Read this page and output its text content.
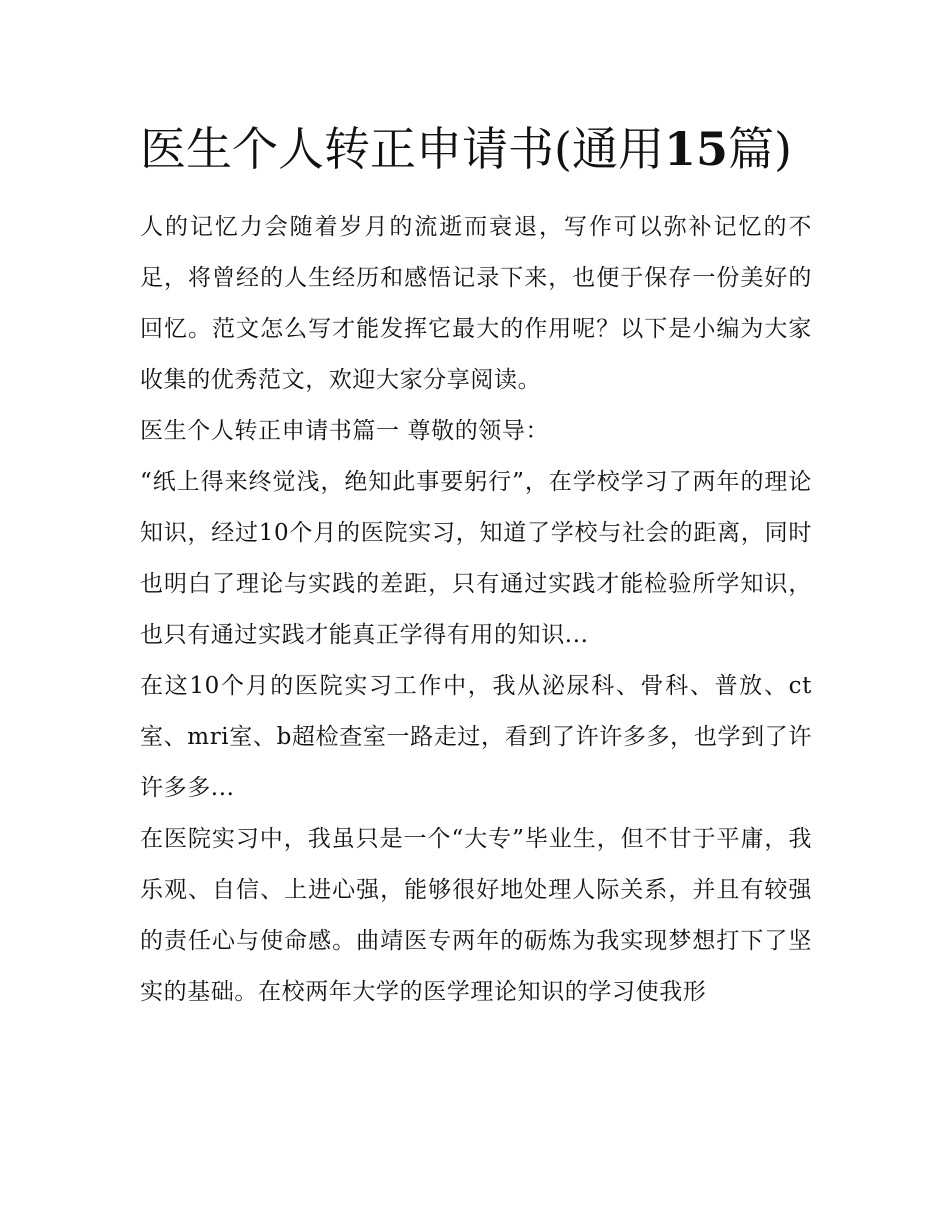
医生个人转正申请书(通用15篇)

人的记忆力会随着岁月的流逝而衰退，写作可以弥补记忆的不足，将曾经的人生经历和感悟记录下来，也便于保存一份美好的回忆。范文怎么写才能发挥它最大的作用呢？以下是小编为大家收集的优秀范文，欢迎大家分享阅读。

医生个人转正申请书篇一 尊敬的领导：

“纸上得来终觉浅，绝知此事要躬行”，在学校学习了两年的理论知识，经过10个月的医院实习，知道了学校与社会的距离，同时也明白了理论与实践的差距，只有通过实践才能检验所学知识，也只有通过实践才能真正学得有用的知识...

在这10个月的医院实习工作中，我从泌尿科、骨科、普放、ct室、mri室、b超检查室一路走过，看到了许许多多，也学到了许许多多...

在医院实习中，我虽只是一个“大专”毕业生，但不甘于平庸，我乐观、自信、上进心强，能够很好地处理人际关系，并且有较强的责任心与使命感。曲靖医专两年的砺炼为我实现梦想打下了坚实的基础。在校两年大学的医学理论知识的学习使我形
